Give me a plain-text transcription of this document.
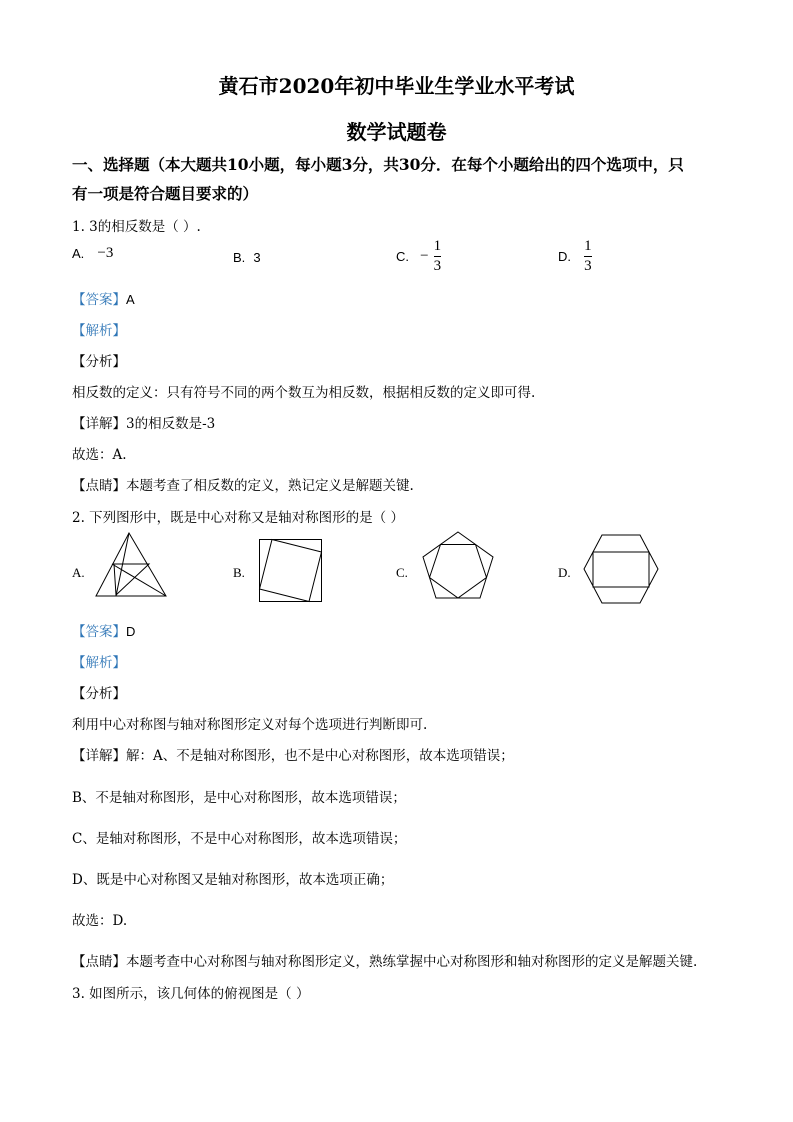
黄石市2020年初中毕业生学业水平考试
数学试题卷
一、选择题（本大题共10小题，每小题3分，共30分．在每个小题给出的四个选项中，只
有一项是符合题目要求的）
1. 3的相反数是（ ）.
A. −3	B. 3	C. − $\frac{1}{3}$	D. $\frac{1}{3}$
【答案】A
【解析】
【分析】
相反数的定义：只有符号不同的两个数互为相反数，根据相反数的定义即可得.
【详解】3的相反数是-3
故选：A.
【点睛】本题考查了相反数的定义，熟记定义是解题关键.
2. 下列图形中，既是中心对称又是轴对称图形的是（ ）
A.	B.	C.	D.
【答案】D
【解析】
【分析】
利用中心对称图与轴对称图形定义对每个选项进行判断即可.
【详解】解：A、不是轴对称图形，也不是中心对称图形，故本选项错误；
B、不是轴对称图形，是中心对称图形，故本选项错误；
C、是轴对称图形，不是中心对称图形，故本选项错误；
D、既是中心对称图又是轴对称图形，故本选项正确；
故选：D.
【点睛】本题考查中心对称图与轴对称图形定义，熟练掌握中心对称图形和轴对称图形的定义是解题关键.
3. 如图所示，该几何体的俯视图是（ ）
